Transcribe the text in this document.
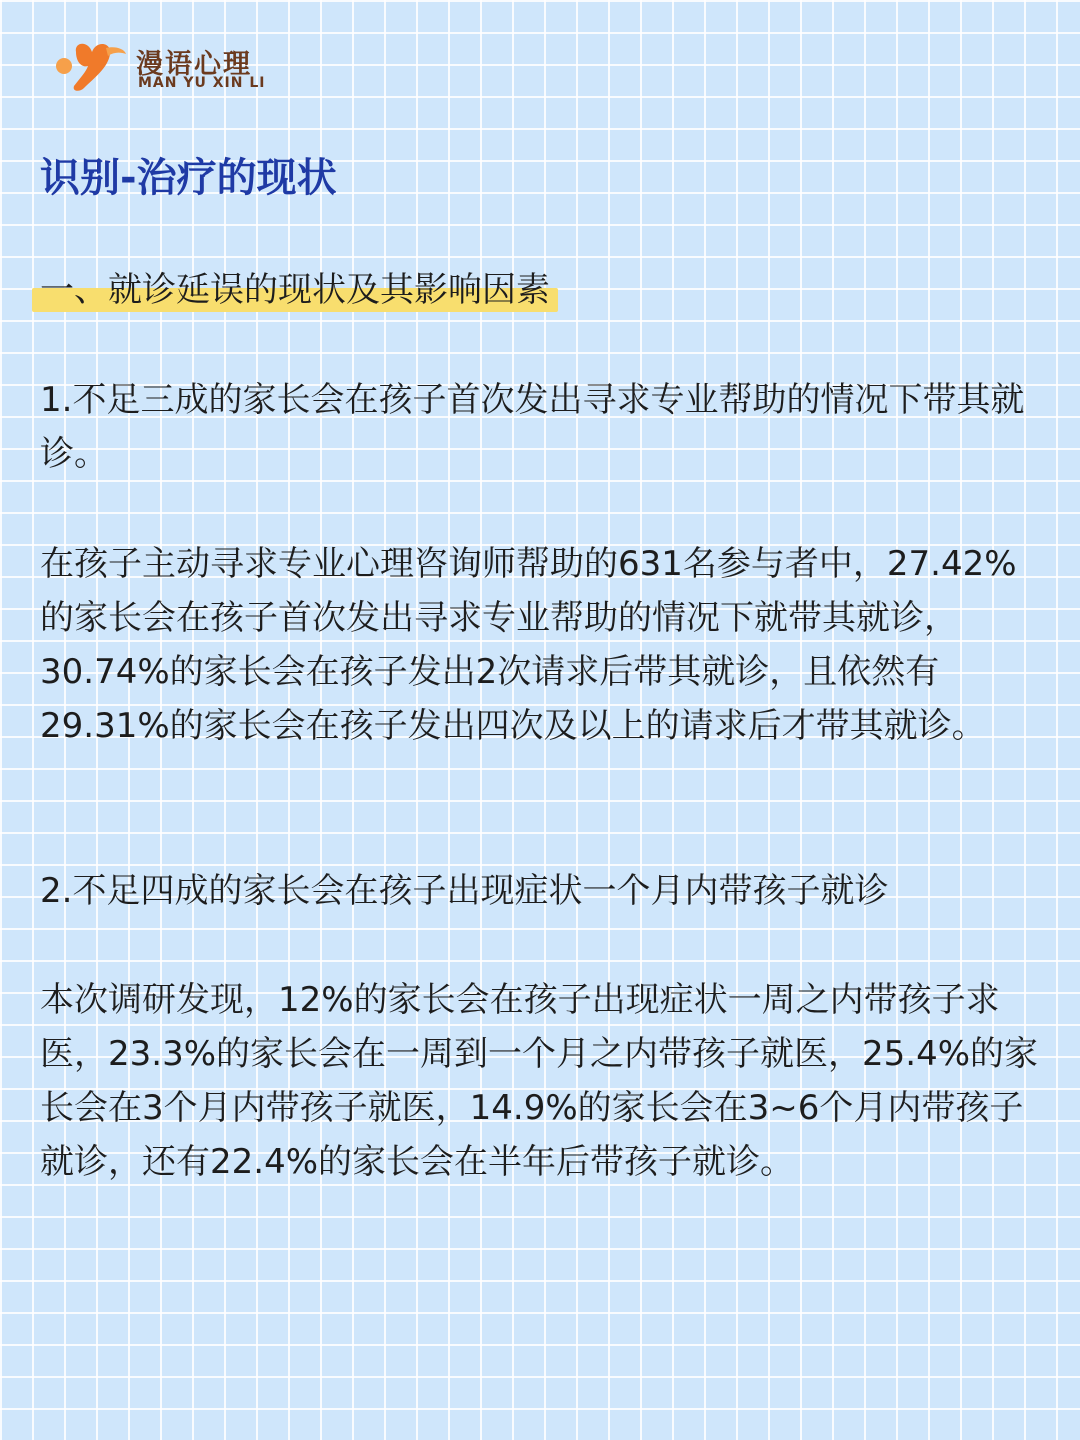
漫语心理
MAN YU XIN LI
识别-治疗的现状
一、就诊延误的现状及其影响因素
1.不足三成的家长会在孩子首次发出寻求专业帮助的情况下带其就诊。
在孩子主动寻求专业心理咨询师帮助的631名参与者中，27.42%的家长会在孩子首次发出寻求专业帮助的情况下就带其就诊，30.74%的家长会在孩子发出2次请求后带其就诊，且依然有29.31%的家长会在孩子发出四次及以上的请求后才带其就诊。
2.不足四成的家长会在孩子出现症状一个月内带孩子就诊
本次调研发现，12%的家长会在孩子出现症状一周之内带孩子求医，23.3%的家长会在一周到一个月之内带孩子就医，25.4%的家长会在3个月内带孩子就医，14.9%的家长会在3~6个月内带孩子就诊，还有22.4%的家长会在半年后带孩子就诊。
